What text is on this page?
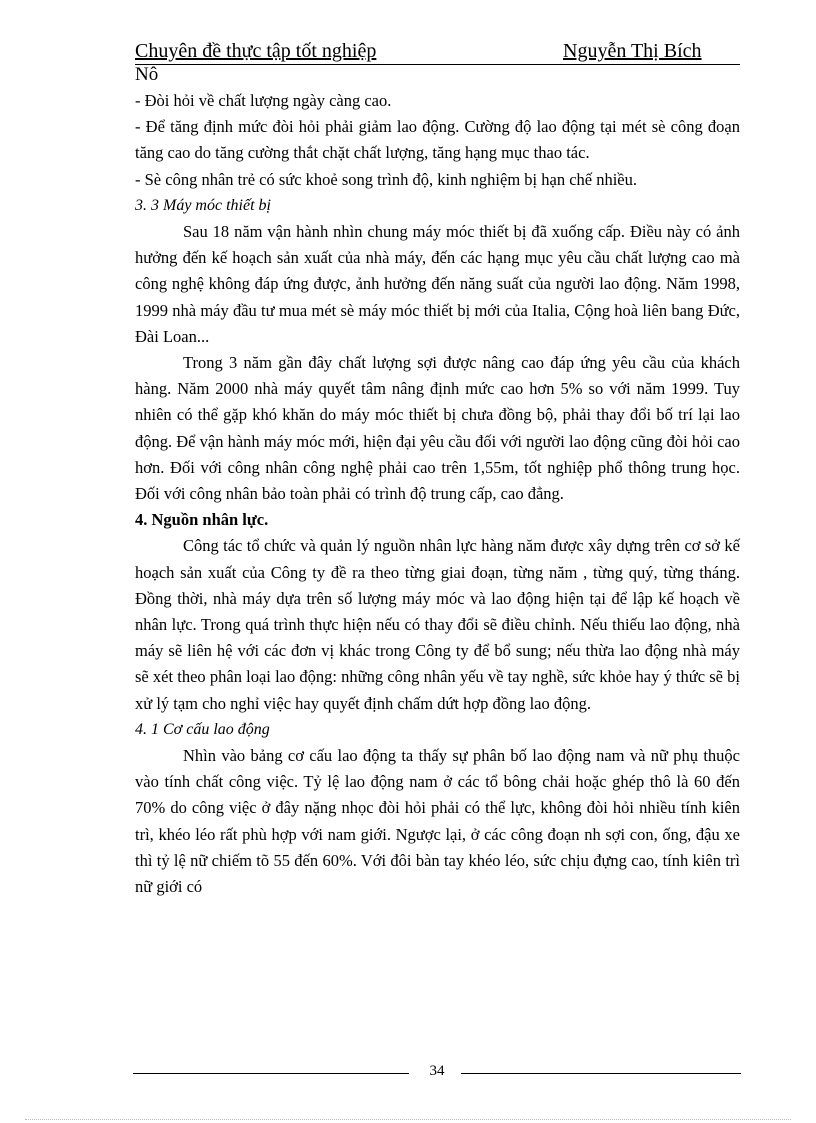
Chuyên đề thực tập tốt nghiệp	Nguyễn Thị Bích
Nô

- Đòi hỏi về chất lượng ngày càng cao.

- Để tăng định mức đòi hỏi phải giảm lao động. Cường độ lao động tại mét sè công đoạn tăng cao do tăng cường thắt chặt chất lượng, tăng hạng mục thao tác.

- Sè công nhân trẻ có sức khoẻ song trình độ, kinh nghiệm bị hạn chế nhiều.

3. 3 Máy móc thiết bị

Sau 18 năm vận hành nhìn chung máy móc thiết bị đã xuống cấp. Điều này có ảnh hưởng đến kế hoạch sản xuất của nhà máy, đến các hạng mục yêu cầu chất lượng cao mà công nghệ không đáp ứng được, ảnh hưởng đến năng suất của người lao động. Năm 1998, 1999 nhà máy đầu tư mua mét sè máy móc thiết bị mới của Italia, Cộng hoà liên bang Đức, Đài Loan...

Trong 3 năm gần đây chất lượng sợi được nâng cao đáp ứng yêu cầu của khách hàng. Năm 2000 nhà máy quyết tâm nâng định mức cao hơn 5% so với năm 1999. Tuy nhiên có thể gặp khó khăn do máy móc thiết bị chưa đồng bộ, phải thay đổi bố trí lại lao động. Để vận hành máy móc mới, hiện đại yêu cầu đối với người lao động cũng đòi hỏi cao hơn. Đối với công nhân công nghệ phải cao trên 1,55m, tốt nghiệp phổ thông trung học. Đối với công nhân bảo toàn phải có trình độ trung cấp, cao đẳng.

4. Nguồn nhân lực.

Công tác tổ chức và quản lý nguồn nhân lực hàng năm được xây dựng trên cơ sở kế hoạch sản xuất của Công ty đề ra theo từng giai đoạn, từng năm , từng quý, từng tháng. Đồng thời, nhà máy dựa trên số lượng máy móc và lao động hiện tại để lập kế hoạch về nhân lực. Trong quá trình thực hiện nếu có thay đổi sẽ điều chỉnh. Nếu thiếu lao động, nhà máy sẽ liên hệ với các đơn vị khác trong Công ty để bổ sung; nếu thừa lao động nhà máy sẽ xét theo phân loại lao động: những công nhân yếu về tay nghề, sức khỏe hay ý thức sẽ bị xử lý tạm cho nghỉ việc hay quyết định chấm dứt hợp đồng lao động.

4. 1 Cơ cấu lao động

Nhìn vào bảng cơ cấu lao động ta thấy sự phân bố lao động nam và nữ phụ thuộc vào tính chất công việc. Tỷ lệ lao động nam ở các tổ bông chải hoặc ghép thô là 60 đến 70% do công việc ở đây nặng nhọc đòi hỏi phải có thể lực, không đòi hỏi nhiều tính kiên trì, khéo léo rất phù hợp với nam giới. Ngược lại, ở các công đoạn nh sợi con, ống, đậu xe thì tỷ lệ nữ chiếm tõ 55 đến 60%. Với đôi bàn tay khéo léo, sức chịu đựng cao, tính kiên trì nữ giới có

34
